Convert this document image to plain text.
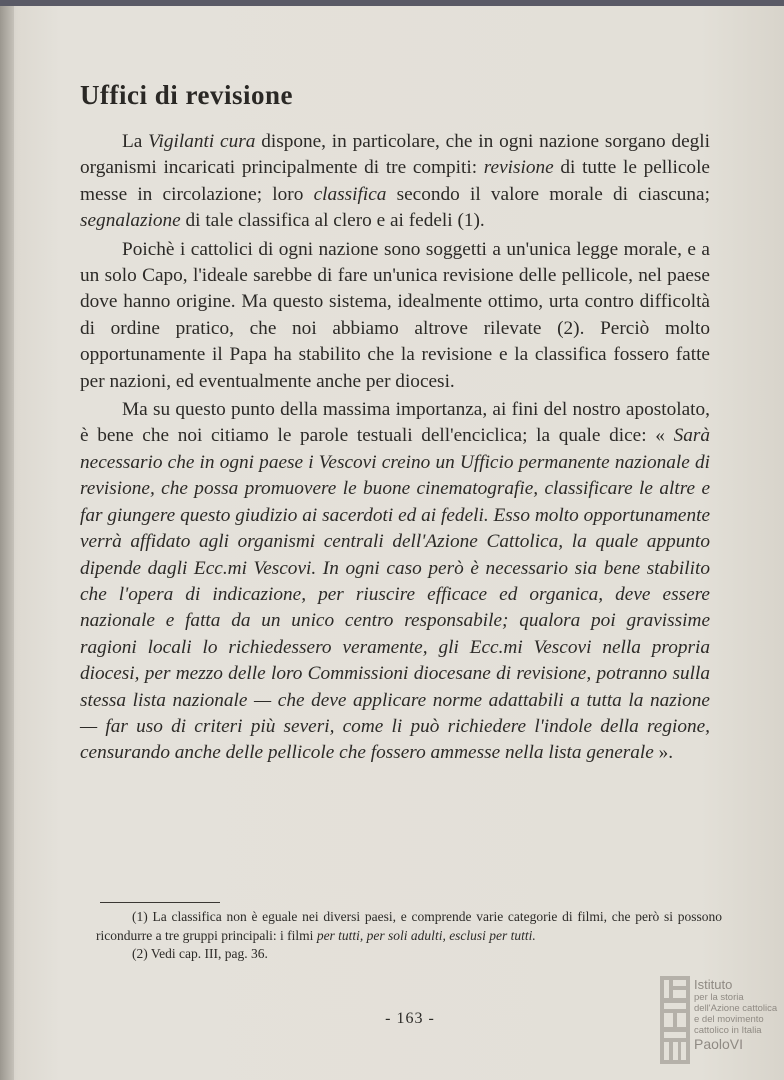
Uffici di revisione

La Vigilanti cura dispone, in particolare, che in ogni nazione sorgano degli organismi incaricati principalmente di tre compiti: revisione di tutte le pellicole messe in circolazione; loro classifica secondo il valore morale di ciascuna; segnalazione di tale classifica al clero e ai fedeli (1).

Poichè i cattolici di ogni nazione sono soggetti a un'unica legge morale, e a un solo Capo, l'ideale sarebbe di fare un'unica revisione delle pellicole, nel paese dove hanno origine. Ma questo sistema, idealmente ottimo, urta contro difficoltà di ordine pratico, che noi abbiamo altrove rilevate (2). Perciò molto opportunamente il Papa ha stabilito che la revisione e la classifica fossero fatte per nazioni, ed eventualmente anche per diocesi.

Ma su questo punto della massima importanza, ai fini del nostro apostolato, è bene che noi citiamo le parole testuali dell'enciclica; la quale dice: « Sarà necessario che in ogni paese i Vescovi creino un Ufficio permanente nazionale di revisione, che possa promuovere le buone cinematografie, classificare le altre e far giungere questo giudizio ai sacerdoti ed ai fedeli. Esso molto opportunamente verrà affidato agli organismi centrali dell'Azione Cattolica, la quale appunto dipende dagli Ecc.mi Vescovi. In ogni caso però è necessario sia bene stabilito che l'opera di indicazione, per riuscire efficace ed organica, deve essere nazionale e fatta da un unico centro responsabile; qualora poi gravissime ragioni locali lo richiedessero veramente, gli Ecc.mi Vescovi nella propria diocesi, per mezzo delle loro Commissioni diocesane di revisione, potranno sulla stessa lista nazionale — che deve applicare norme adattabili a tutta la nazione — far uso di criteri più severi, come li può richiedere l'indole della regione, censurando anche delle pellicole che fossero ammesse nella lista generale ».

(1) La classifica non è eguale nei diversi paesi, e comprende varie categorie di filmi, che però si possono ricondurre a tre gruppi principali: i filmi per tutti, per soli adulti, esclusi per tutti.

(2) Vedi cap. III, pag. 36.

- 163 -
Istituto
per la storia
dell'Azione cattolica
e del movimento
cattolico in Italia
PaoloVI
